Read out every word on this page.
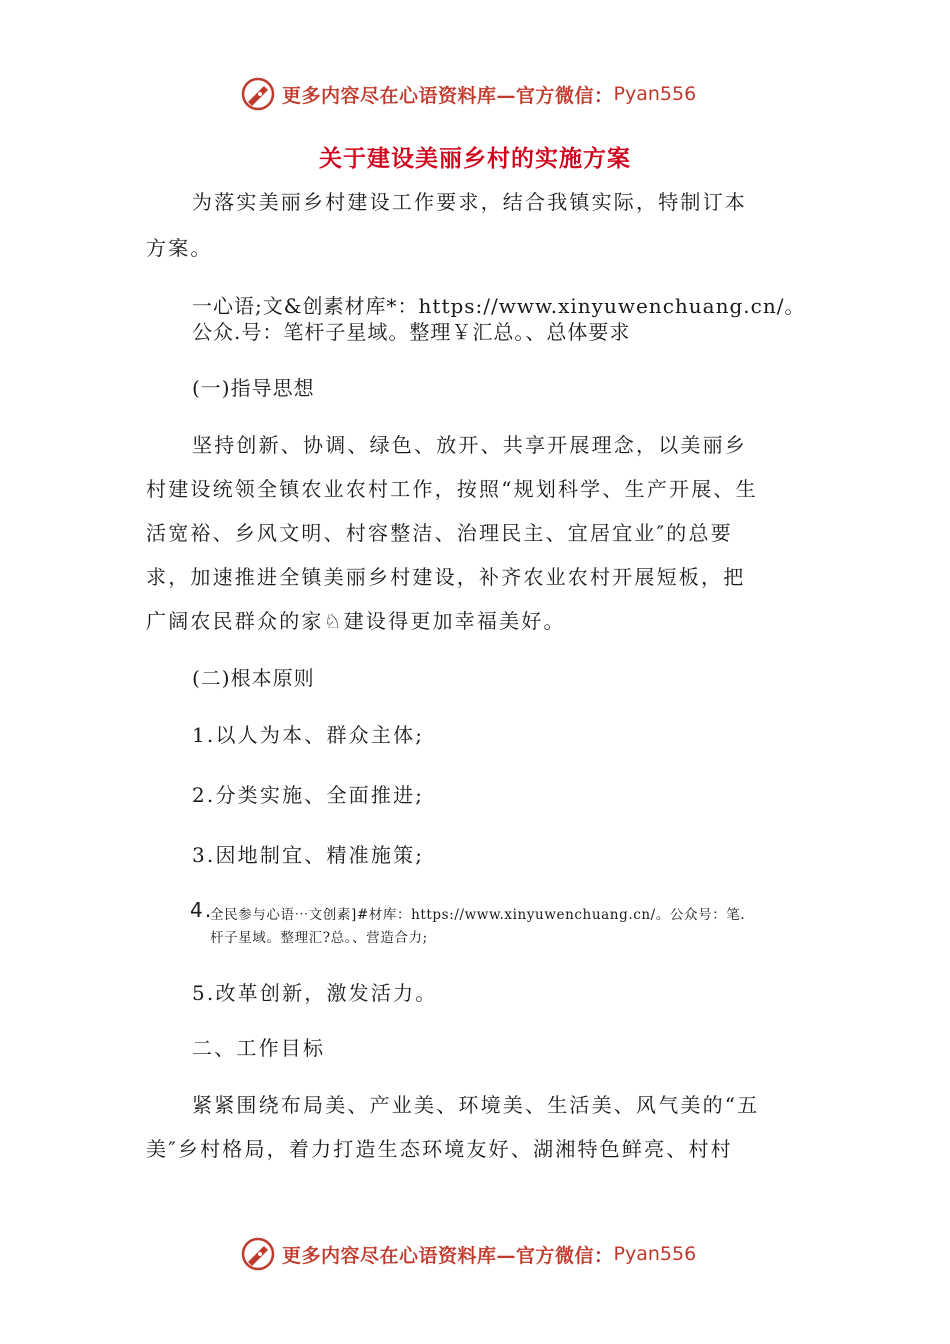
更多内容尽在心语资料库—官方微信： Pyan556
关于建设美丽乡村的实施方案
为落实美丽乡村建设工作要求，结合我镇实际，特制订本
方案。
一心语;文&创素材库*：https://www.xinyuwenchuang.cn/。
公众.号：笔杆子星域。整理￥汇总。、总体要求
(一)指导思想
坚持创新、协调、绿色、放开、共享开展理念，以美丽乡
村建设统领全镇农业农村工作，按照“规划科学、生产开展、生
活宽裕、乡风文明、村容整洁、治理民主、宜居宜业″的总要
求，加速推进全镇美丽乡村建设，补齐农业农村开展短板，把
广阔农民群众的家♘建设得更加幸福美好。
(二)根本原则
1.以人为本、群众主体;
2.分类实施、全面推进;
3.因地制宜、精准施策;
4.
全民参与心语⋯文创素]#材库：https://www.xinyuwenchuang.cn/。公众号：笔.
杆子星域。整理汇?总。、营造合力;
5.改革创新，激发活力。
二、工作目标
紧紧围绕布局美、产业美、环境美、生活美、风气美的“五
美″乡村格局，着力打造生态环境友好、湖湘特色鲜亮、村村
更多内容尽在心语资料库—官方微信： Pyan556
